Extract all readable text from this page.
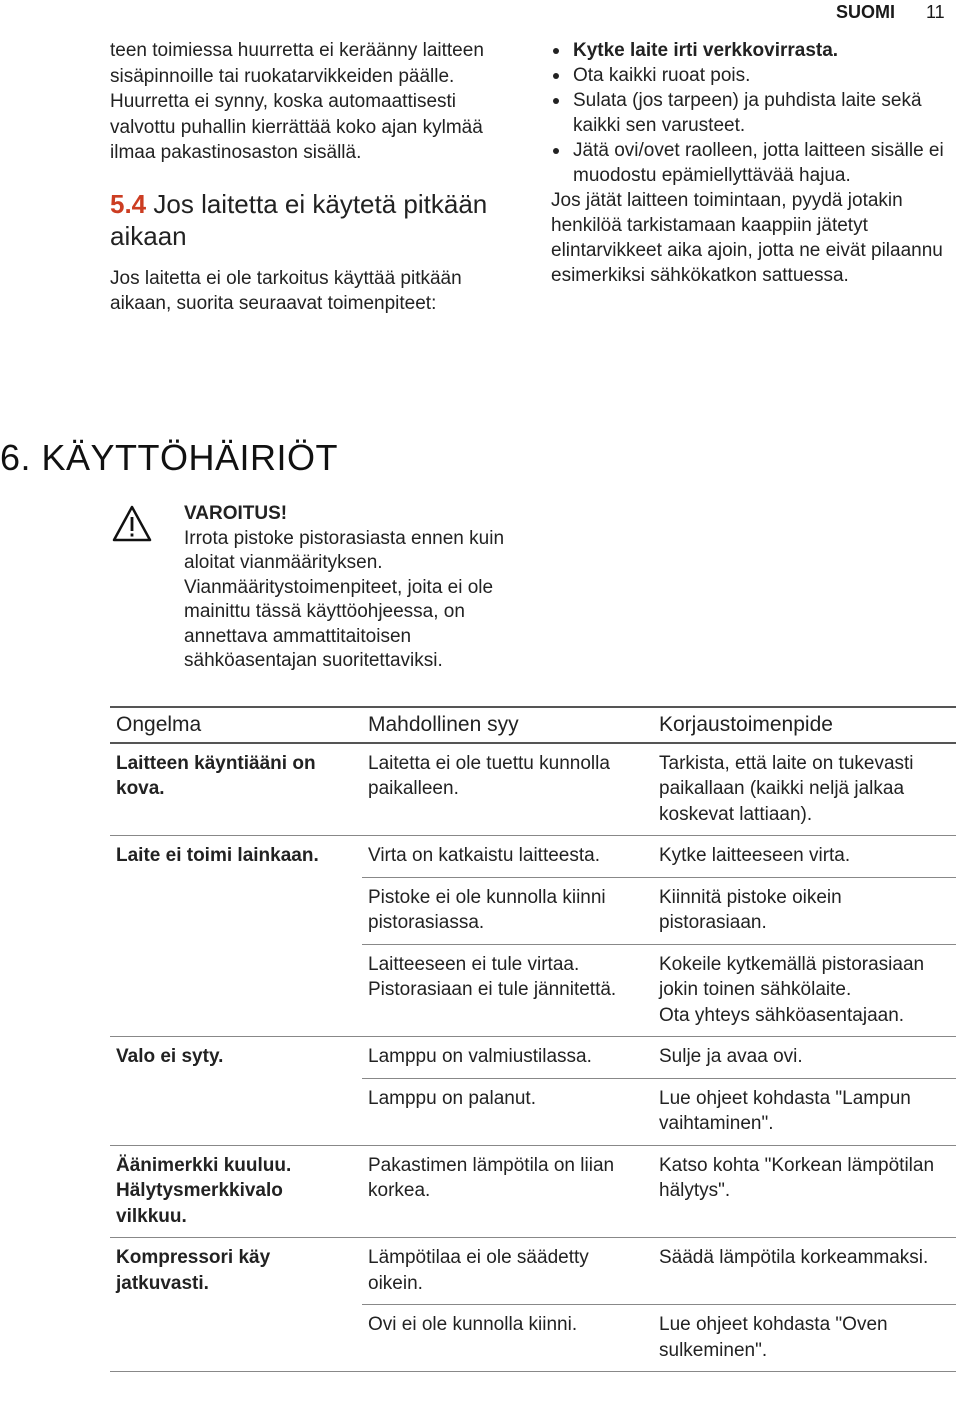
SUOMI 11

teen toimiessa huurretta ei keräänny laitteen sisäpinnoille tai ruokatarvikkeiden päälle.

Huurretta ei synny, koska automaattisesti valvottu puhallin kierrättää koko ajan kylmää ilmaa pakastinosaston sisällä.

5.4 Jos laitetta ei käytetä pitkään aikaan

Jos laitetta ei ole tarkoitus käyttää pitkään aikaan, suorita seuraavat toimenpiteet:

Kytke laite irti verkkovirrasta.
Ota kaikki ruoat pois.
Sulata (jos tarpeen) ja puhdista laite sekä kaikki sen varusteet.
Jätä ovi/ovet raolleen, jotta laitteen sisälle ei muodostu epämiellyttävää hajua.

Jos jätät laitteen toimintaan, pyydä jotakin henkilöä tarkistamaan kaappiin jätetyt elintarvikkeet aika ajoin, jotta ne eivät pilaannu esimerkiksi sähkökatkon sattuessa.

6. KÄYTTÖHÄIRIÖT
VAROITUS!
Irrota pistoke pistorasiasta ennen kuin aloitat vianmäärityksen.
Vianmääritystoimenpiteet, joita ei ole mainittu tässä käyttöohjeessa, on annettava ammattitaitoisen sähköasentajan suoritettaviksi.
Ongelma	Mahdollinen syy	Korjaustoimenpide
Laitteen käyntiääni on kova.	Laitetta ei ole tuettu kunnolla paikalleen.	Tarkista, että laite on tukevasti paikallaan (kaikki neljä jalkaa koskevat lattiaan).
Laite ei toimi lainkaan.	Virta on katkaistu laitteesta.	Kytke laitteeseen virta.
	Pistoke ei ole kunnolla kiinni pistorasiassa.	Kiinnitä pistoke oikein pistorasiaan.
	Laitteeseen ei tule virtaa. Pistorasiaan ei tule jännitettä.	Kokeile kytkemällä pistorasiaan jokin toinen sähkölaite.
Ota yhteys sähköasentajaan.

Valo ei syty.	Lamppu on valmiustilassa.	Sulje ja avaa ovi.
	Lamppu on palanut.	Lue ohjeet kohdasta "Lampun vaihtaminen".
Äänimerkki kuuluu. Hälytysmerkkivalo vilkkuu.	Pakastimen lämpötila on liian korkea.	Katso kohta "Korkean lämpötilan hälytys".
Kompressori käy jatkuvasti.	Lämpötilaa ei ole säädetty oikein.	Säädä lämpötila korkeammaksi.
	Ovi ei ole kunnolla kiinni.	Lue ohjeet kohdasta "Oven sulkeminen".
